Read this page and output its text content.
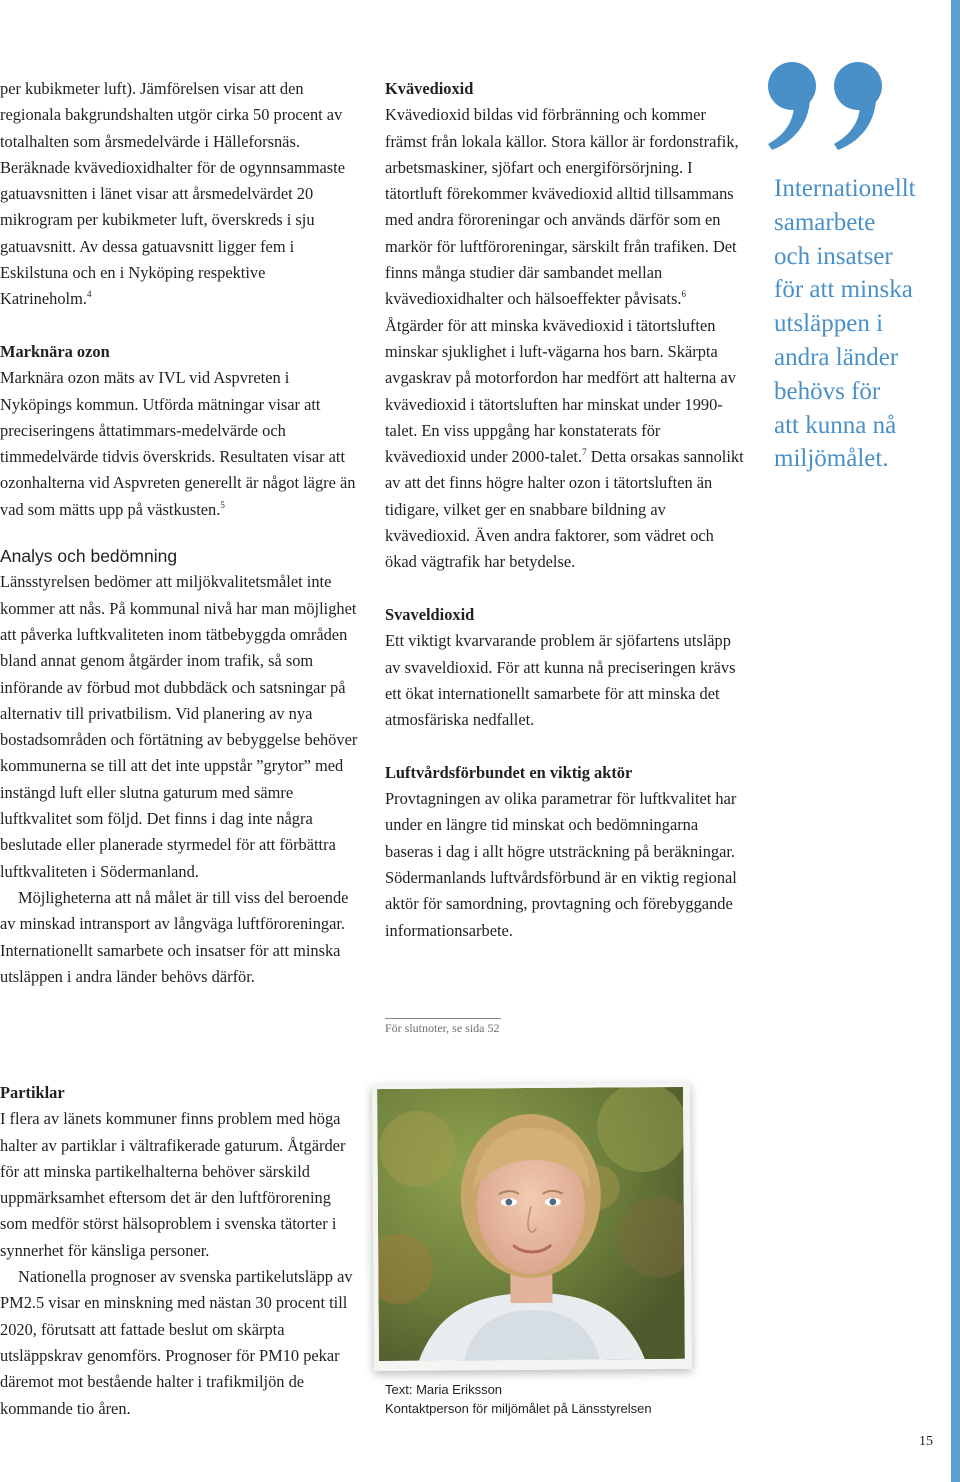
per kubikmeter luft). Jämförelsen visar att den regionala bakgrundshalten utgör cirka 50 procent av totalhalten som årsmedelvärde i Hälleforsnäs. Beräknade kvävedioxidhalter för de ogynnsammaste gatuavsnitten i länet visar att årsmedelvärdet 20 mikrogram per kubikmeter luft, överskreds i sju gatuavsnitt. Av dessa gatuavsnitt ligger fem i Eskilstuna och en i Nyköping respektive Katrineholm.$^4$

Marknära ozon

Marknära ozon mäts av IVL vid Aspvreten i Nyköpings kommun. Utförda mätningar visar att preciseringens åttatimmars-medelvärde och timmedelvärde tidvis överskrids. Resultaten visar att ozonhalterna vid Aspvreten generellt är något lägre än vad som mätts upp på västkusten.$^5$

Analys och bedömning

Länsstyrelsen bedömer att miljökvalitetsmålet inte kommer att nås. På kommunal nivå har man möjlighet att påverka luftkvaliteten inom tätbebyggda områden bland annat genom åtgärder inom trafik, så som införande av förbud mot dubbdäck och satsningar på alternativ till privatbilism. Vid planering av nya bostadsområden och förtätning av bebyggelse behöver kommunerna se till att det inte uppstår ”grytor” med instängd luft eller slutna gaturum med sämre luftkvalitet som följd. Det finns i dag inte några beslutade eller planerade styrmedel för att förbättra luftkvaliteten i Södermanland.

Möjligheterna att nå målet är till viss del beroende av minskad intransport av långväga luftföroreningar. Internationellt samarbete och insatser för att minska utsläppen i andra länder behövs därför.

Kvävedioxid

Kvävedioxid bildas vid förbränning och kommer främst från lokala källor. Stora källor är fordonstrafik, arbetsmaskiner, sjöfart och energiförsörjning. I tätortluft förekommer kvävedioxid alltid tillsammans med andra föroreningar och används därför som en markör för luftföroreningar, särskilt från trafiken. Det finns många studier där sambandet mellan kvävedioxidhalter och hälsoeffekter påvisats.$^6$ Åtgärder för att minska kvävedioxid i tätortsluften minskar sjuklighet i luft-vägarna hos barn. Skärpta avgaskrav på motorfordon har medfört att halterna av kvävedioxid i tätortsluften har minskat under 1990-talet. En viss uppgång har konstaterats för kvävedioxid under 2000-talet.$^7$ Detta orsakas sannolikt av att det finns högre halter ozon i tätortsluften än tidigare, vilket ger en snabbare bildning av kvävedioxid. Även andra faktorer, som vädret och ökad vägtrafik har betydelse.

Svaveldioxid

Ett viktigt kvarvarande problem är sjöfartens utsläpp av svaveldioxid. För att kunna nå preciseringen krävs ett ökat internationellt samarbete för att minska det atmosfäriska nedfallet.

Luftvårdsförbundet en viktig aktör

Provtagningen av olika parametrar för luftkvalitet har under en längre tid minskat och bedömningarna baseras i dag i allt högre utsträckning på beräkningar. Södermanlands luftvårdsförbund är en viktig regional aktör för samordning, provtagning och förebyggande informationsarbete.

För slutnoter, se sida 52

Internationellt

samarbete

och insatser

för att minska

utsläppen i

andra länder

behövs för

att kunna nå

miljömålet.

Partiklar

I flera av länets kommuner finns problem med höga halter av partiklar i vältrafikerade gaturum. Åtgärder för att minska partikelhalterna behöver särskild uppmärksamhet eftersom det är den luftförorening som medför störst hälsoproblem i svenska tätorter i synnerhet för känsliga personer.

Nationella prognoser av svenska partikelutsläpp av PM2.5 visar en minskning med nästan 30 procent till 2020, förutsatt att fattade beslut om skärpta utsläppskrav genomförs. Prognoser för PM10 pekar däremot mot bestående halter i trafikmiljön de kommande tio åren.

Text: Maria Eriksson
Kontaktperson för miljömålet på Länsstyrelsen
15
